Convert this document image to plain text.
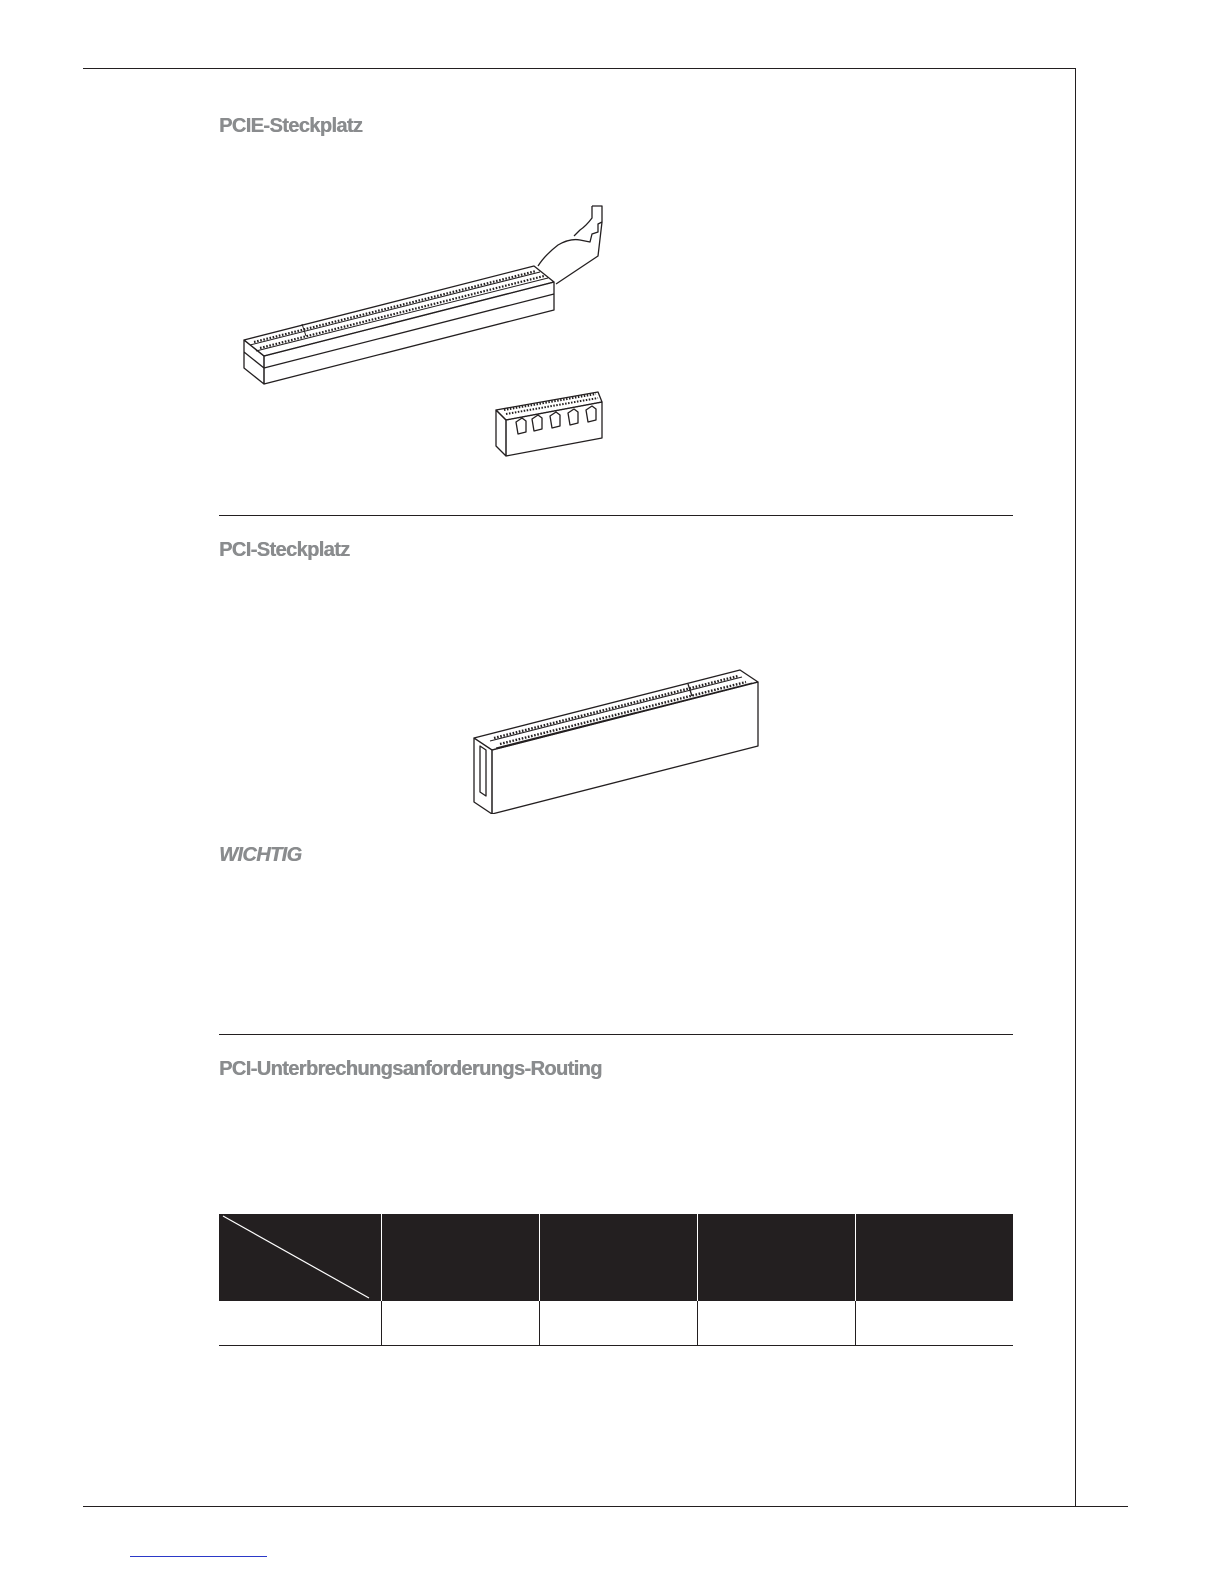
PCIE-Steckplatz
PCI-Steckplatz
WICHTIG
PCI-Unterbrechungsanforderungs-Routing
